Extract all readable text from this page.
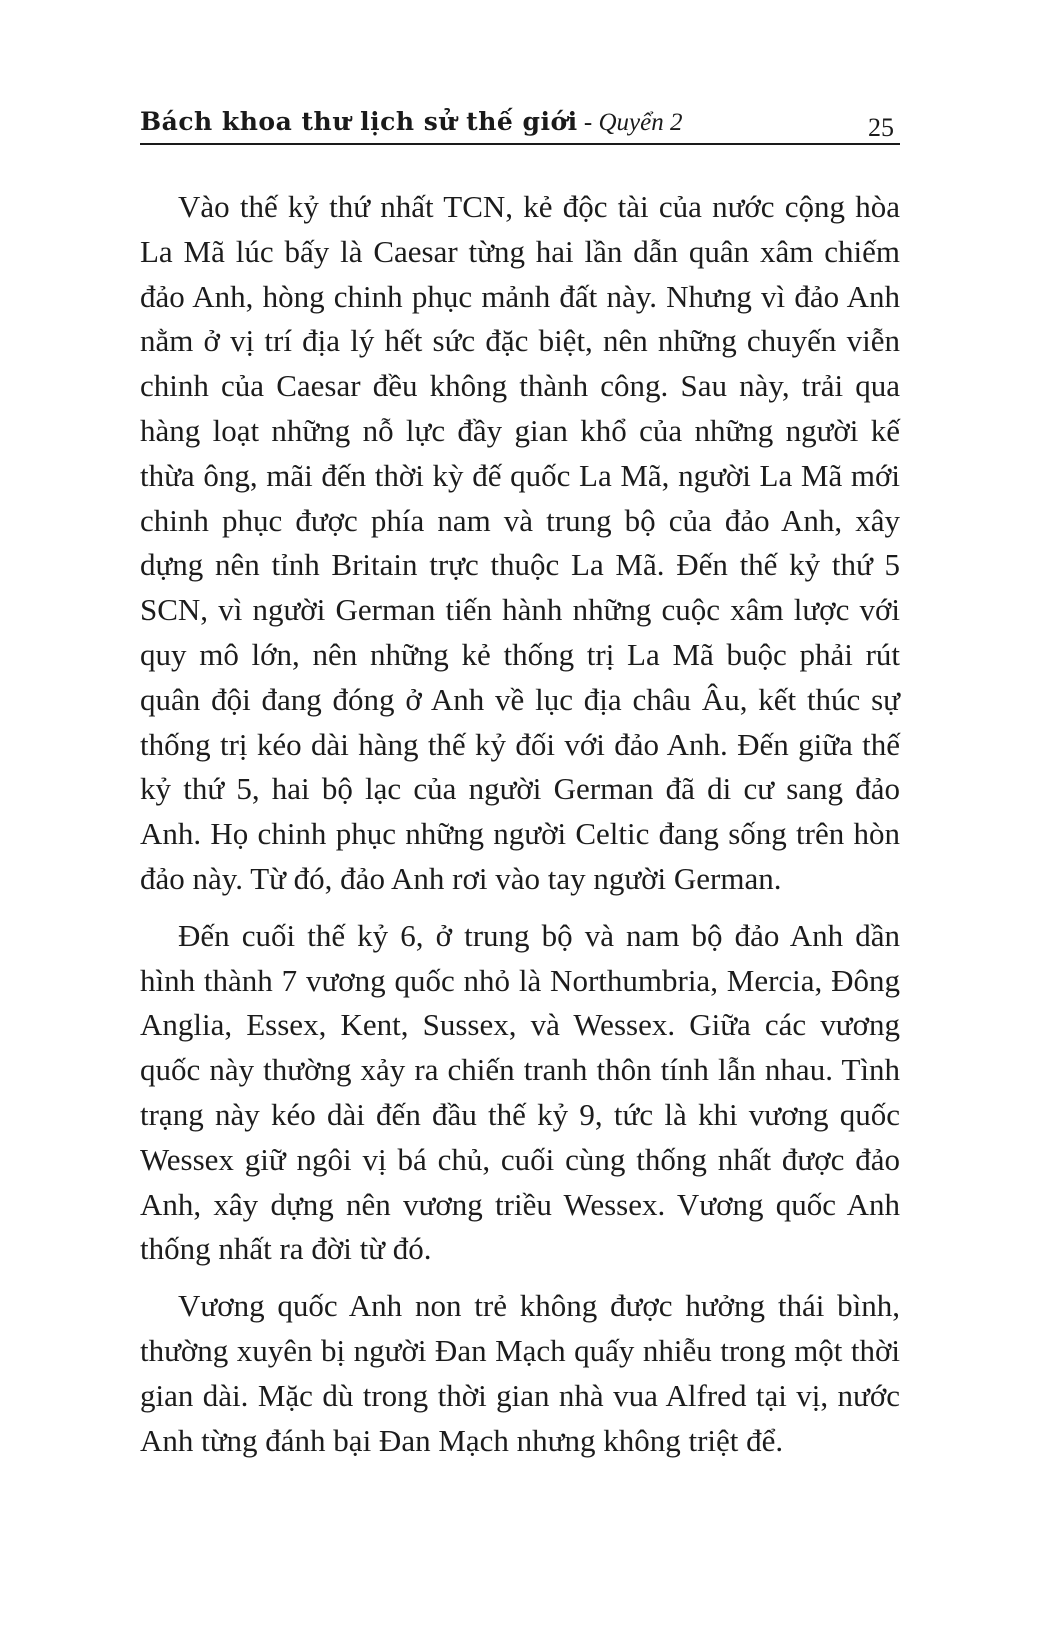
Bách khoa thư lịch sử thế giới - Quyển 2	25

Vào thế kỷ thứ nhất TCN, kẻ độc tài của nước cộng hòa La Mã lúc bấy là Caesar từng hai lần dẫn quân xâm chiếm đảo Anh, hòng chinh phục mảnh đất này. Nhưng vì đảo Anh nằm ở vị trí địa lý hết sức đặc biệt, nên những chuyến viễn chinh của Caesar đều không thành công. Sau này, trải qua hàng loạt những nỗ lực đầy gian khổ của những người kế thừa ông, mãi đến thời kỳ đế quốc La Mã, người La Mã mới chinh phục được phía nam và trung bộ của đảo Anh, xây dựng nên tỉnh Britain trực thuộc La Mã. Đến thế kỷ thứ 5 SCN, vì người German tiến hành những cuộc xâm lược với quy mô lớn, nên những kẻ thống trị La Mã buộc phải rút quân đội đang đóng ở Anh về lục địa châu Âu, kết thúc sự thống trị kéo dài hàng thế kỷ đối với đảo Anh. Đến giữa thế kỷ thứ 5, hai bộ lạc của người German đã di cư sang đảo Anh. Họ chinh phục những người Celtic đang sống trên hòn đảo này. Từ đó, đảo Anh rơi vào tay người German.

Đến cuối thế kỷ 6, ở trung bộ và nam bộ đảo Anh dần hình thành 7 vương quốc nhỏ là Northumbria, Mercia, Đông Anglia, Essex, Kent, Sussex, và Wessex. Giữa các vương quốc này thường xảy ra chiến tranh thôn tính lẫn nhau. Tình trạng này kéo dài đến đầu thế kỷ 9, tức là khi vương quốc Wessex giữ ngôi vị bá chủ, cuối cùng thống nhất được đảo Anh, xây dựng nên vương triều Wessex. Vương quốc Anh thống nhất ra đời từ đó.

Vương quốc Anh non trẻ không được hưởng thái bình, thường xuyên bị người Đan Mạch quấy nhiễu trong một thời gian dài. Mặc dù trong thời gian nhà vua Alfred tại vị, nước Anh từng đánh bại Đan Mạch nhưng không triệt để.
